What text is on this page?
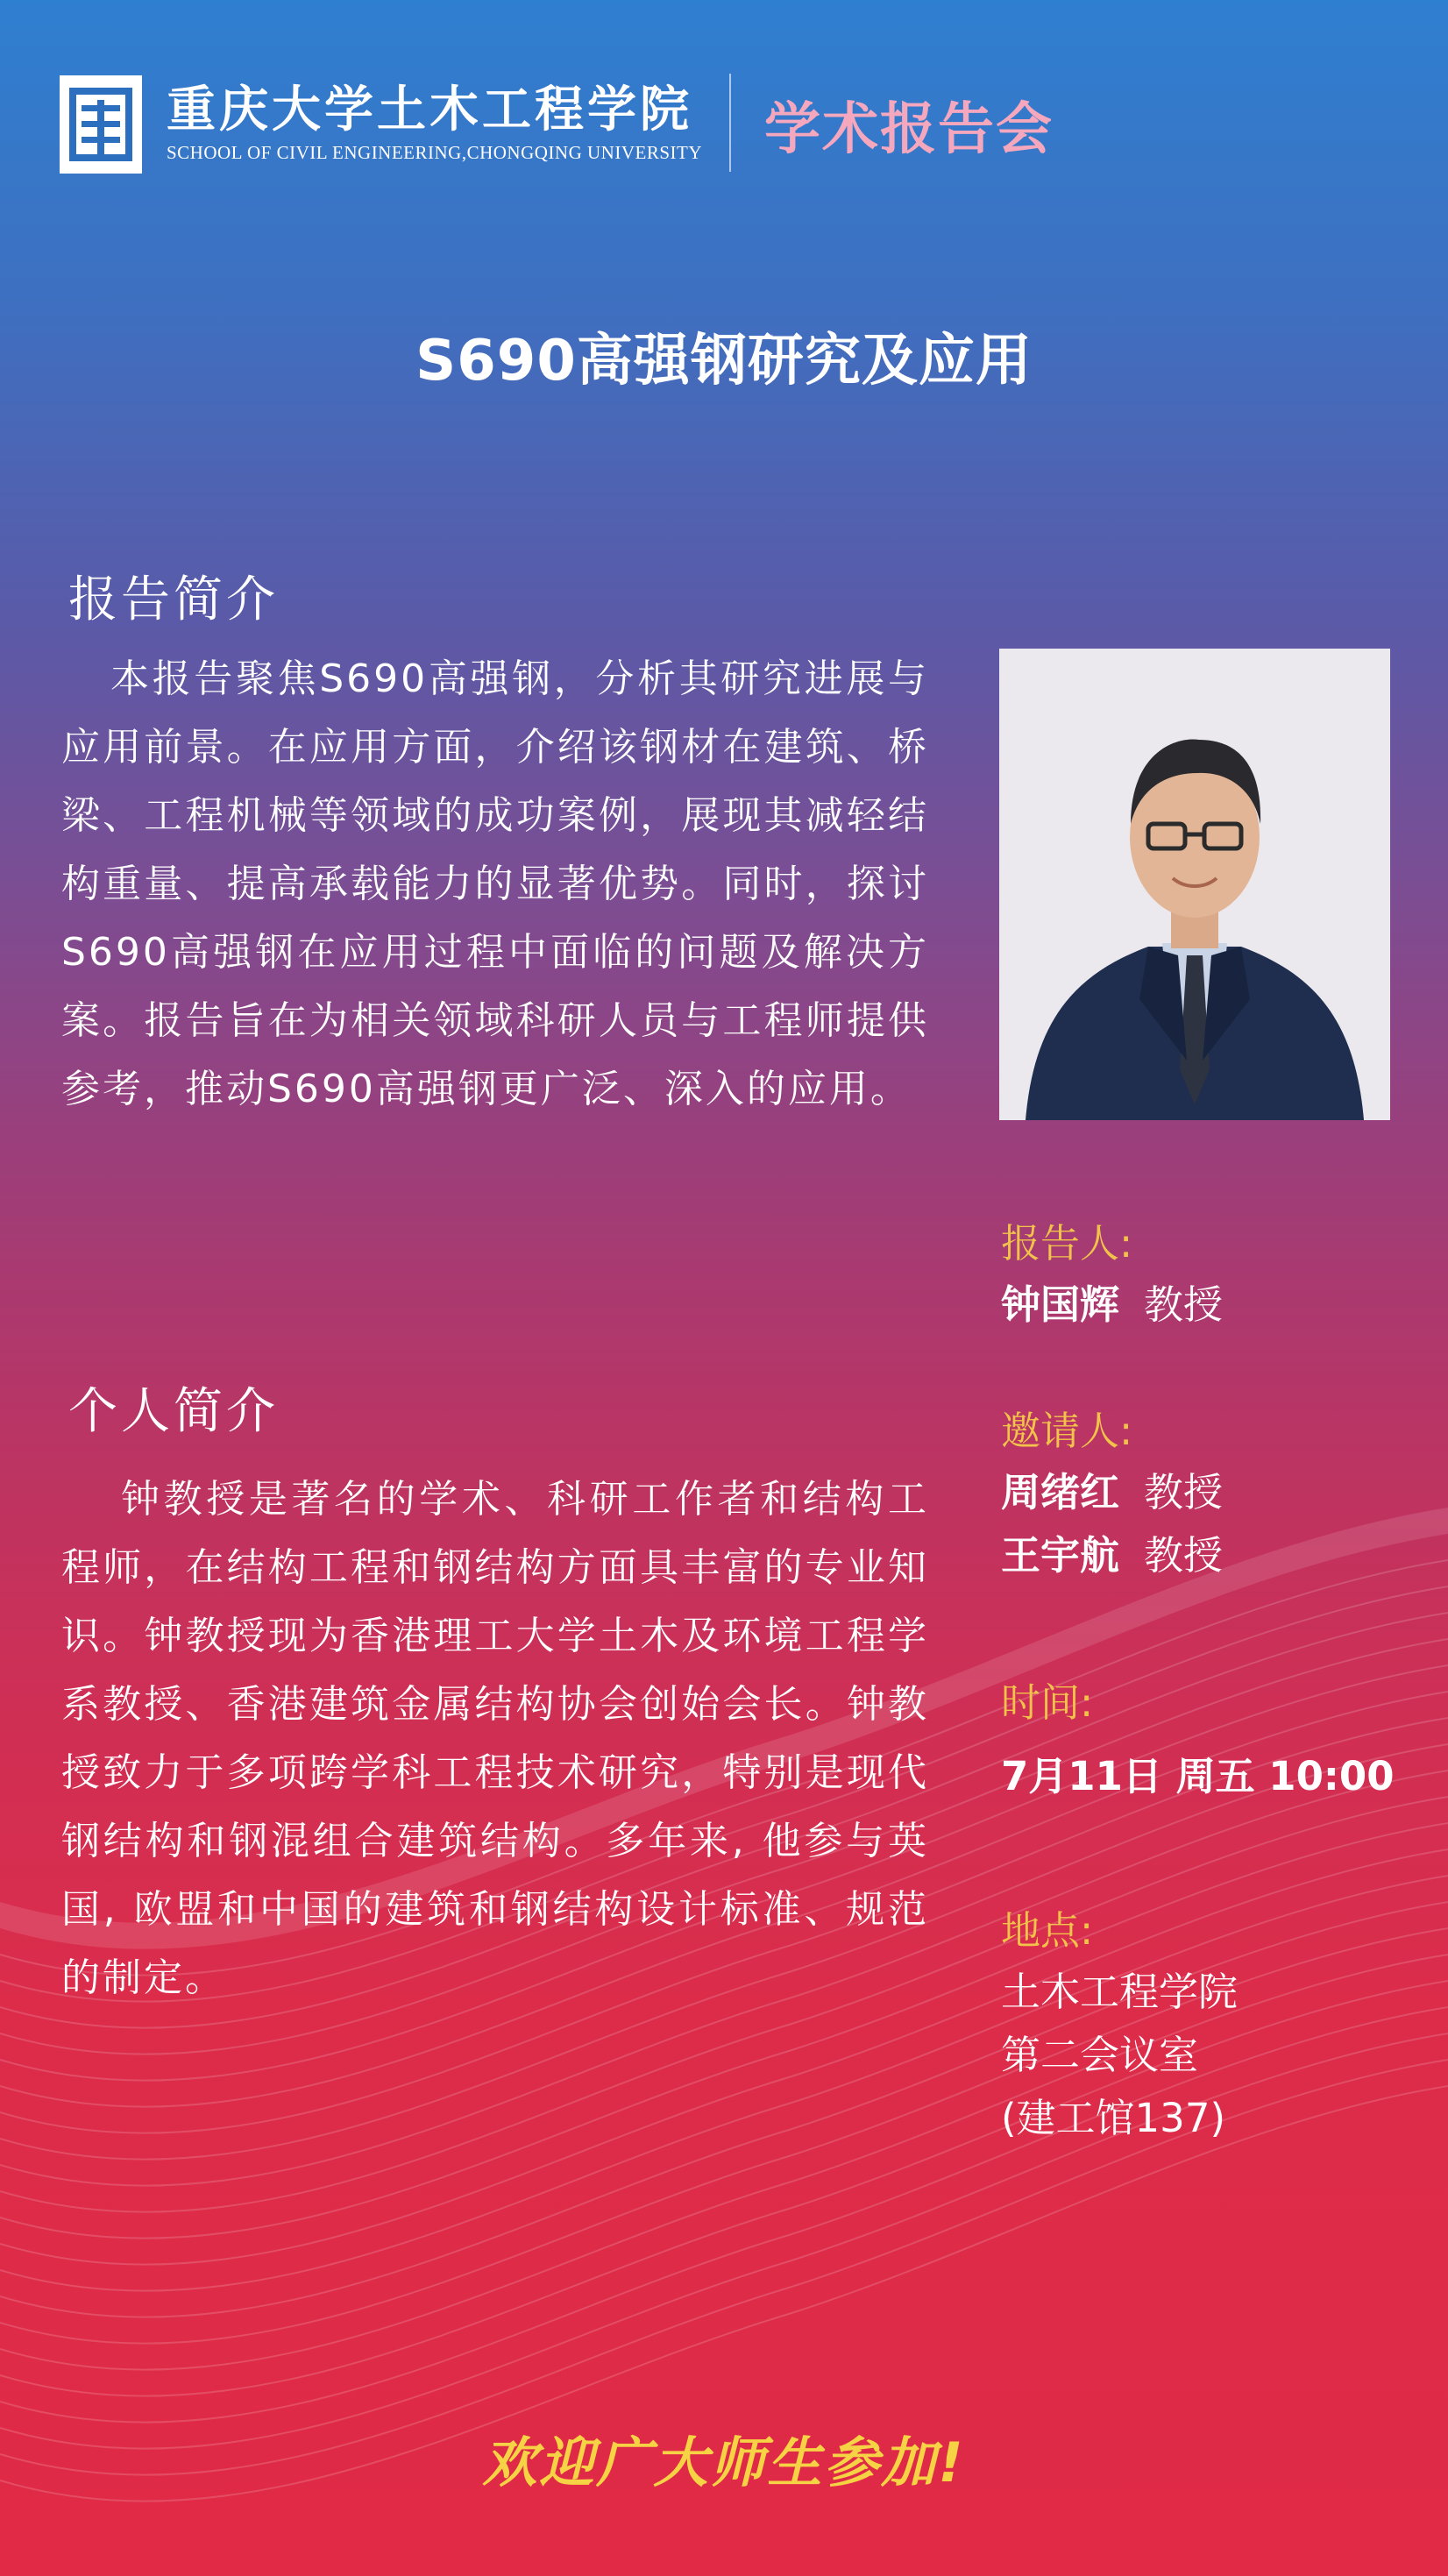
重庆大学土木工程学院
SCHOOL OF CIVIL ENGINEERING,CHONGQING UNIVERSITY 学术报告会
S690高强钢研究及应用
报告简介
本报告聚焦S690高强钢，分析其研究进展与应用前景。在应用方面，介绍该钢材在建筑、桥梁、工程机械等领域的成功案例，展现其减轻结构重量、提高承载能力的显著优势。同时，探讨S690高强钢在应用过程中面临的问题及解决方案。报告旨在为相关领域科研人员与工程师提供参考，推动S690高强钢更广泛、深入的应用。
报告人:
钟国辉 教授
邀请人:
周绪红 教授
王宇航 教授
时间:
7月11日 周五 10:00
地点:
土木工程学院
第二会议室
(建工馆137)
个人简介
钟教授是著名的学术、科研工作者和结构工程师，在结构工程和钢结构方面具丰富的专业知识。钟教授现为香港理工大学土木及环境工程学系教授、香港建筑金属结构协会创始会长。钟教授致力于多项跨学科工程技术研究，特别是现代钢结构和钢混组合建筑结构。多年来, 他参与英国, 欧盟和中国的建筑和钢结构设计标准、规范的制定。
欢迎广大师生参加!
